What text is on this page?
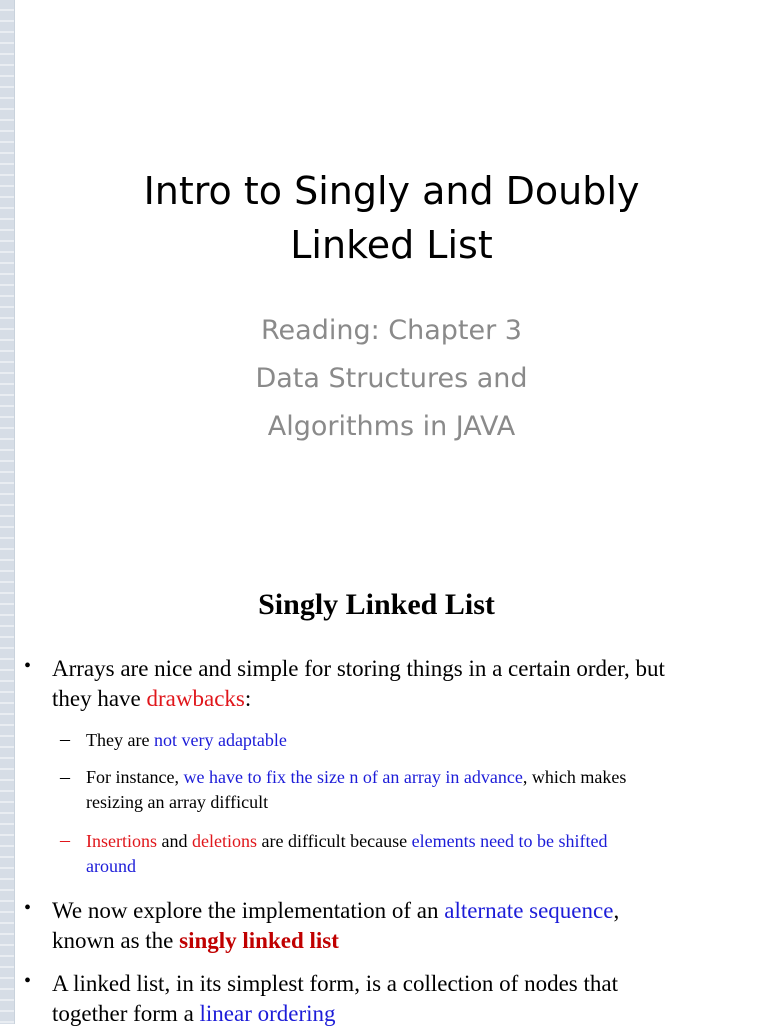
Intro to Singly and Doubly
Linked List
Reading: Chapter 3
Data Structures and
Algorithms in JAVA
Singly Linked List
• Arrays are nice and simple for storing things in a certain order, but
they have drawbacks:
– They are not very adaptable
– For instance, we have to fix the size n of an array in advance, which makes
resizing an array difficult
– Insertions and deletions are difficult because elements need to be shifted
around
• We now explore the implementation of an alternate sequence,
known as the singly linked list
• A linked list, in its simplest form, is a collection of nodes that
together form a linear ordering
